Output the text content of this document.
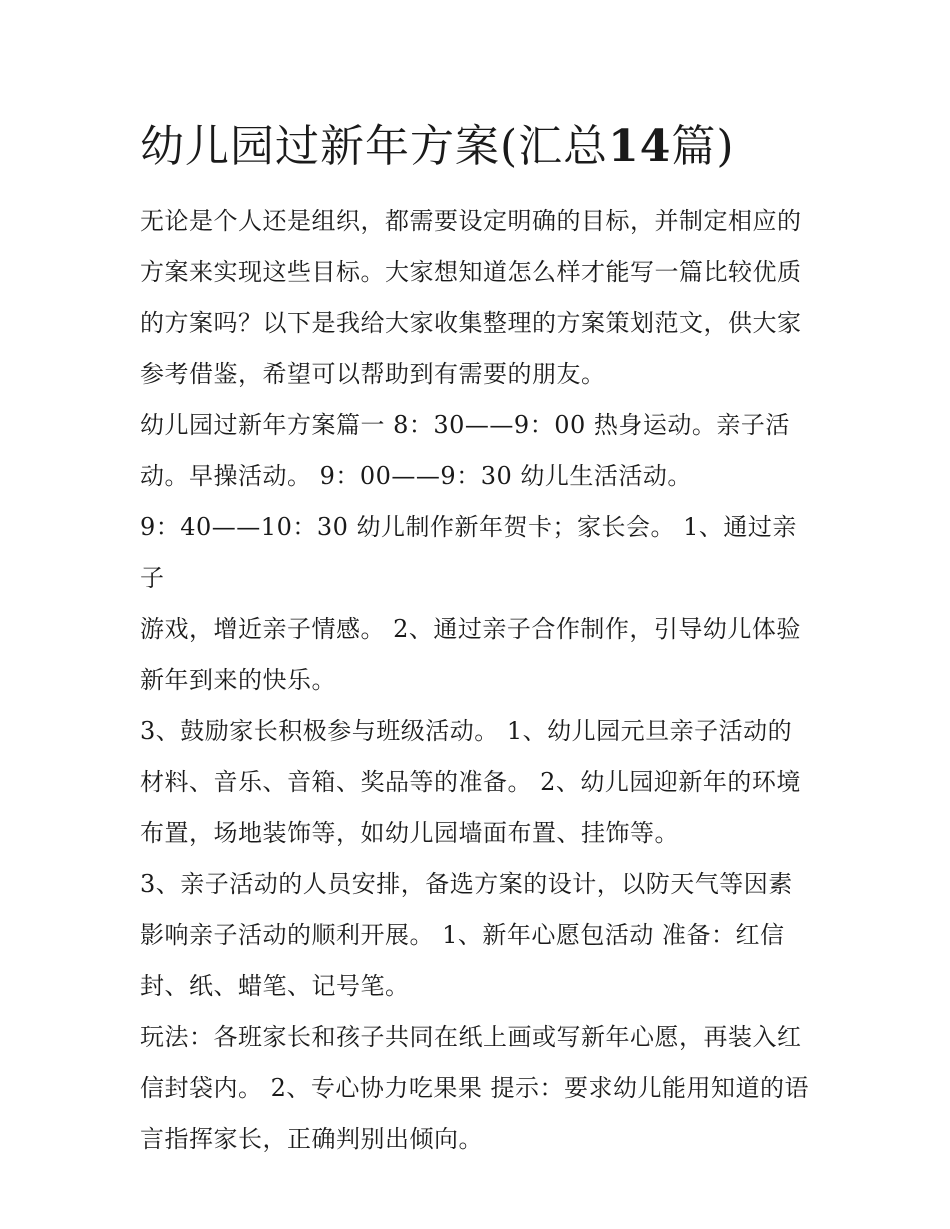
幼儿园过新年方案(汇总14篇)

无论是个人还是组织，都需要设定明确的目标，并制定相应的
方案来实现这些目标。大家想知道怎么样才能写一篇比较优质
的方案吗？以下是我给大家收集整理的方案策划范文，供大家
参考借鉴，希望可以帮助到有需要的朋友。

幼儿园过新年方案篇一 8：30——9：00 热身运动。亲子活
动。早操活动。 9：00——9：30 幼儿生活活动。

9：40——10：30 幼儿制作新年贺卡；家长会。 1、通过亲子
游戏，增近亲子情感。 2、通过亲子合作制作，引导幼儿体验
新年到来的快乐。

3、鼓励家长积极参与班级活动。 1、幼儿园元旦亲子活动的
材料、音乐、音箱、奖品等的准备。 2、幼儿园迎新年的环境
布置，场地装饰等，如幼儿园墙面布置、挂饰等。

3、亲子活动的人员安排，备选方案的设计，以防天气等因素
影响亲子活动的顺利开展。 1、新年心愿包活动 准备：红信
封、纸、蜡笔、记号笔。

玩法：各班家长和孩子共同在纸上画或写新年心愿，再装入红
信封袋内。 2、专心协力吃果果 提示：要求幼儿能用知道的语
言指挥家长，正确判别出倾向。
